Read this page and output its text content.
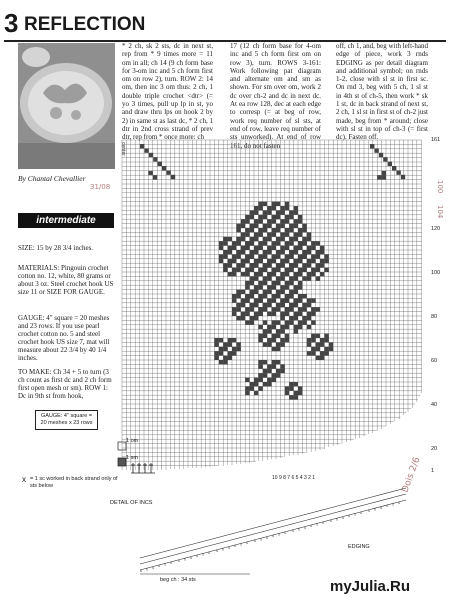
3 REFLECTION
By Chantal Chevallier
31/08	100
104
Dois 2/6
intermediate
SIZE: 15 by 28 3/4 inches.
MATERIALS: Pingouin crochet cotton no. 12, white, 80 grams or about 3 oz. Steel crochet hook US size 11 or SIZE FOR GAUGE.
GAUGE: 4" square = 20 meshes and 23 rows. If you use pearl crochet cotton no. 5 and steel crochet hook US size 7, mat will measure about 22 3/4 by 40 1/4 inches.
TO MAKE: Ch 34 + 5 to turn (3 ch count as first dc and 2 ch form first open mesh or sm). ROW 1: Dc in 9th st from hook,
GAUGE: 4" square =
20 meshes x 23 rows
* 2 ch, sk 2 sts, dc in next st, rep from * 9 times more = 11 om in all; ch 14 (9 ch form base for 3-om inc and 5 ch form first om on row 2), turn. ROW 2: 14 om, then inc 3 om thus: 2 ch, 1 double triple crochet <dtr> (= yo 3 times, pull up lp in st, yo and draw thru lps on hook 2 by 2) in same st as last dc, * 2 ch, 1 dtr in 2nd cross strand of prev dtr, rep from * once more: ch
17 (12 ch form base for 4-om inc and 5 ch form first om on row 3), turn. ROWS 3-161: Work following pat diagram and alternate om and sm as shown. For sm over om, work 2 dc over ch-2 and dc in next dc. At ea row 128, dec at each edge to corresp (= at beg of row, work req number of sl sts, at end of row, leave req number of sts unworked). At end of row 161, do not fasten
off, ch 1, and, beg with left-hand edge of piece, work 3 rnds EDGING as per detail diagram and additional symbol; on rnds 1-2, close with sl st in first sc. On rnd 3, beg with 5 ch, 1 sl st in 4th st of ch-5, then work * sk 1 st, dc in back strand of next st, 2 ch, 1 sl st in first st of ch-2 just made, beg from * around; close with sl st in top of ch-3 (= first dc). Fasten off.
center
10 9 8 7 6 5 4 3 2 1
161
120
100
80
60
40
20
1
1 om
1 sm
x = 1 sc worked in back strand only of sts below
DETAIL OF INCS
x x x x x x x x x x x x x x x x x x x x x x x x x x x x x x x x x x x x x x x x x x
EDGING
beg ch : 34 sts	myJulia.Ru
